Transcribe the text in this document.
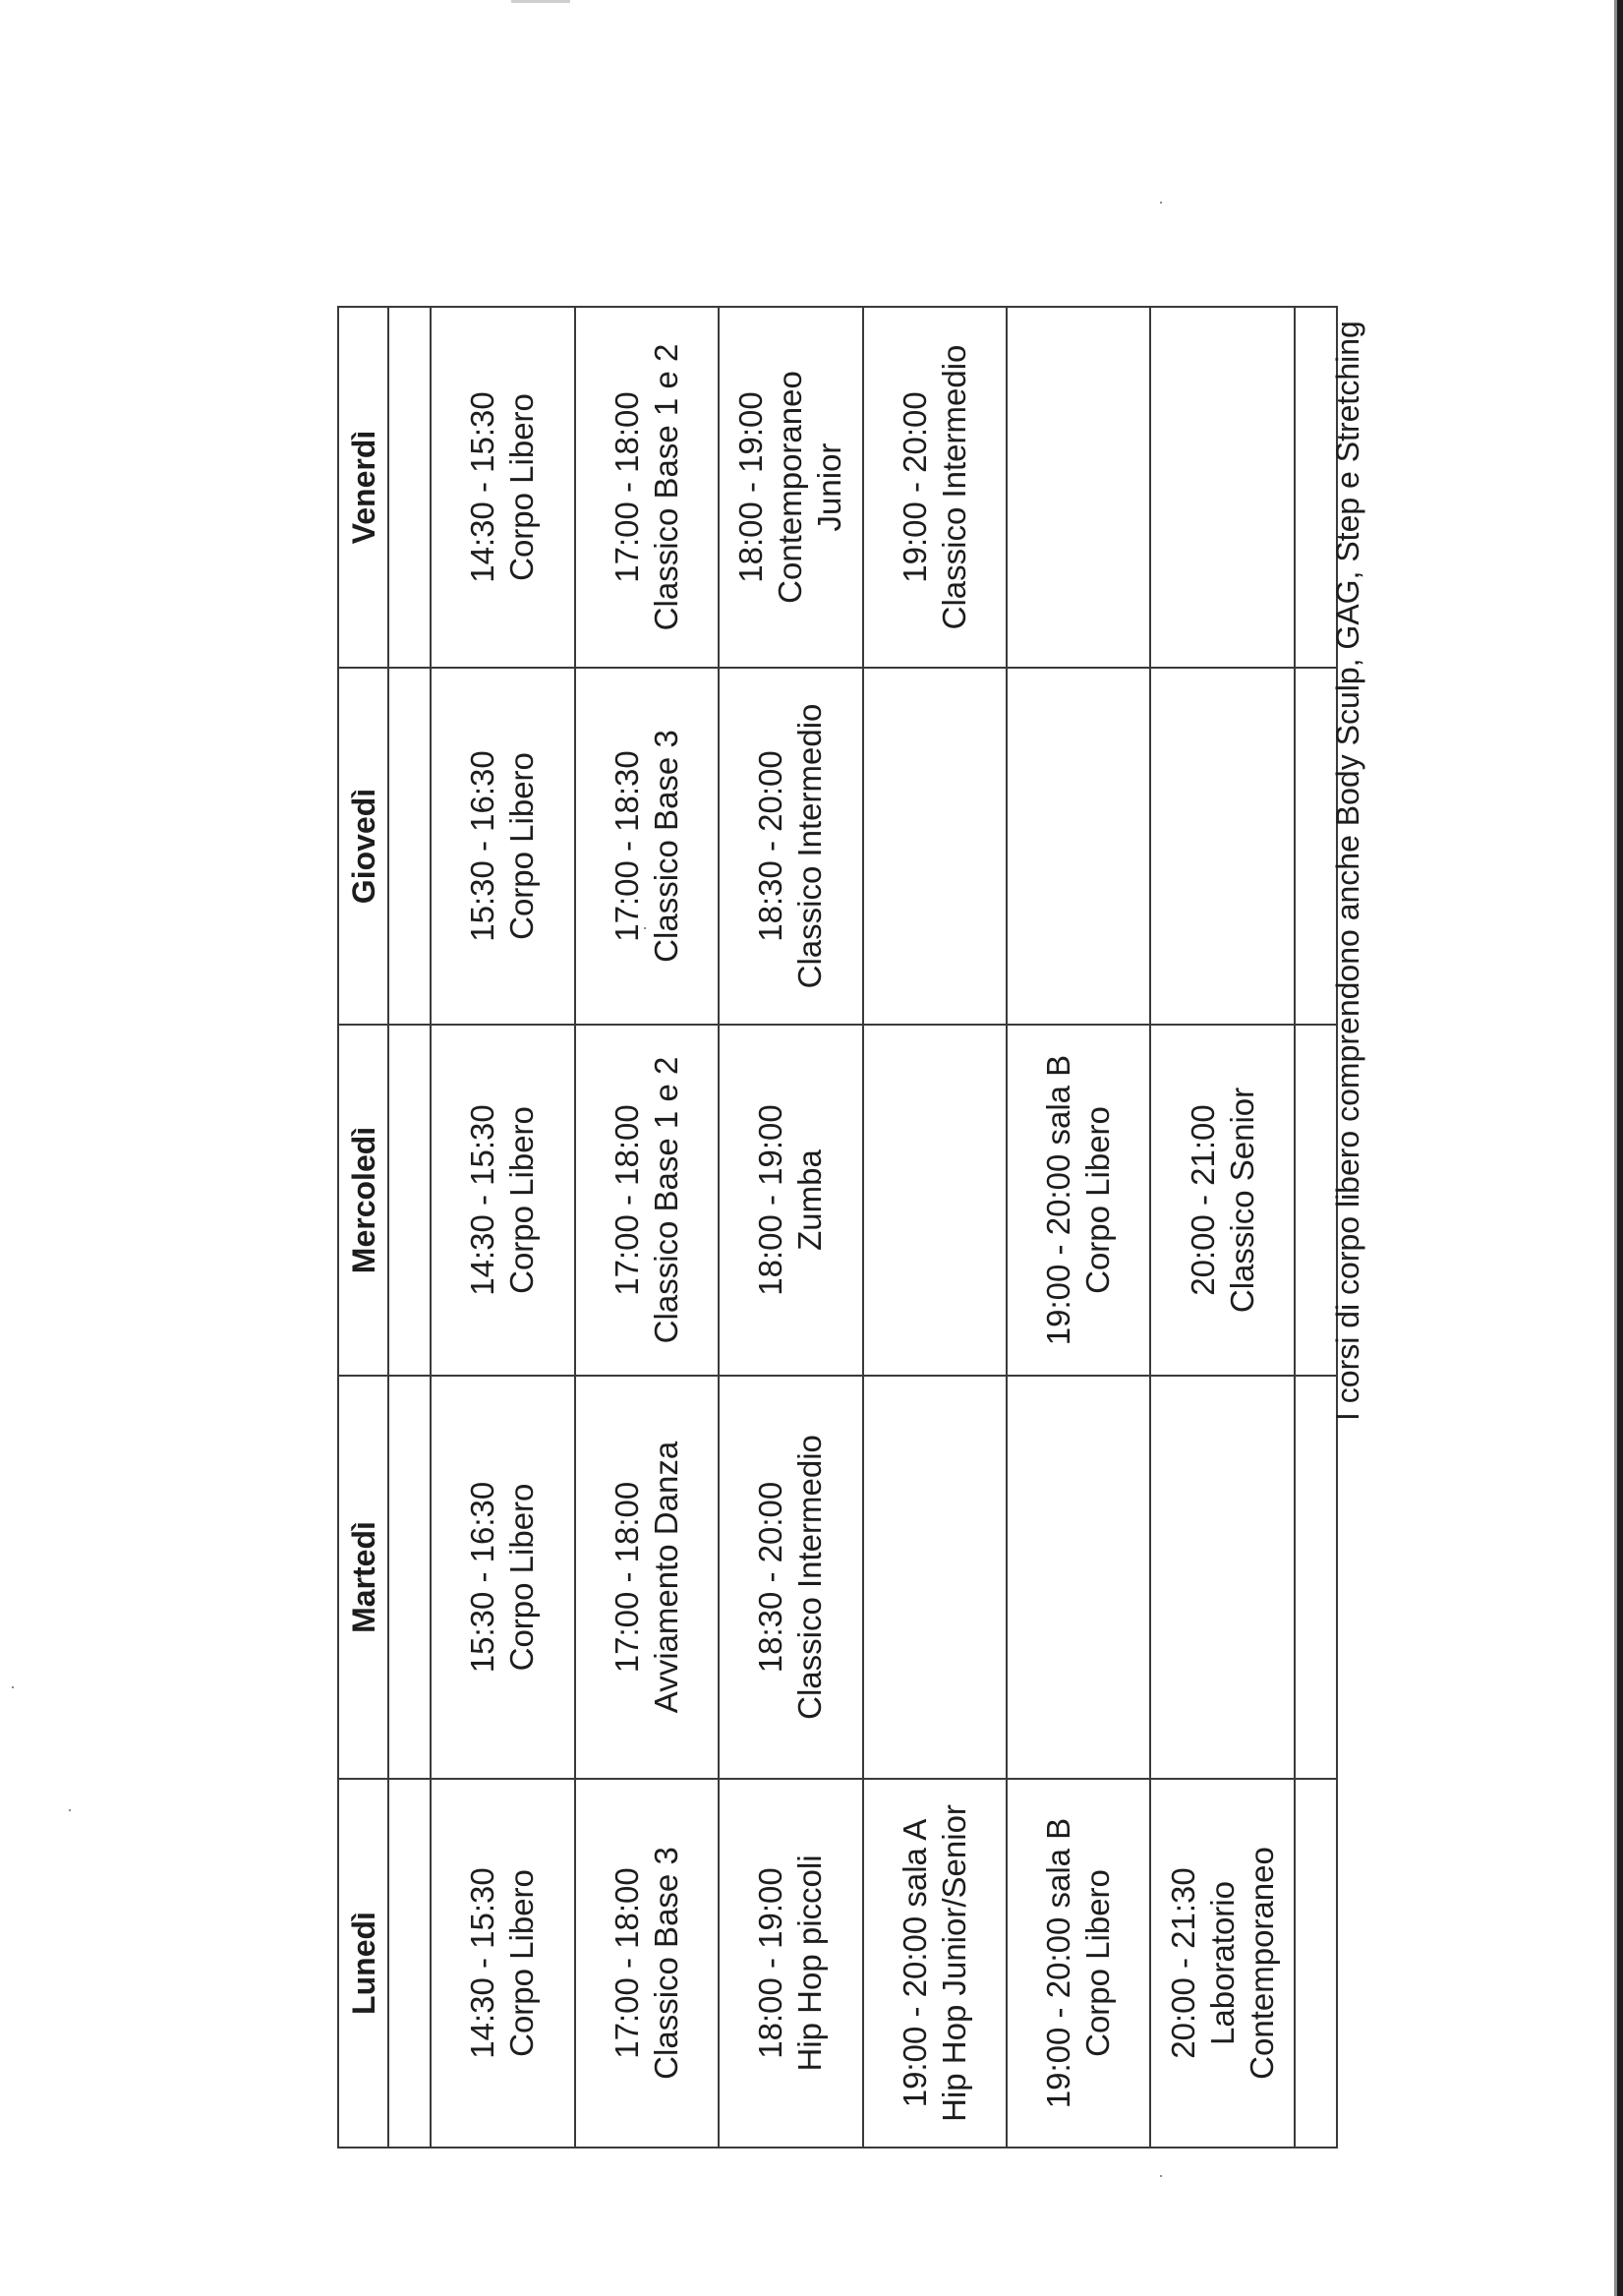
Lunedì	Martedì	Mercoledì	Giovedì	Venerdì

14:30 - 15:30 Corpo Libero	15:30 - 16:30 Corpo Libero	14:30 - 15:30 Corpo Libero	15:30 - 16:30 Corpo Libero	14:30 - 15:30 Corpo Libero

17:00 - 18:00 Classico Base 3	17:00 - 18:00 Avviamento Danza	17:00 - 18:00 Classico Base 1 e 2	17:00 - 18:30 Classico Base 3	17:00 - 18:00 Classico Base 1 e 2

18:00 - 19:00 Hip Hop piccoli	18:30 - 20:00 Classico Intermedio	18:00 - 19:00 Zumba	18:30 - 20:00 Classico Intermedio	18:00 - 19:00 Contemporaneo Junior

19:00 - 20:00 sala A Hip Hop Junior/Senior				19:00 - 20:00 Classico Intermedio

19:00 - 20:00 sala B Corpo Libero		19:00 - 20:00 sala B Corpo Libero		

20:00 - 21:30 Laboratorio Contemporaneo		20:00 - 21:00 Classico Senior		

				I corsi di corpo libero comprendono anche Body Sculp, GAG, Step e Stretching
